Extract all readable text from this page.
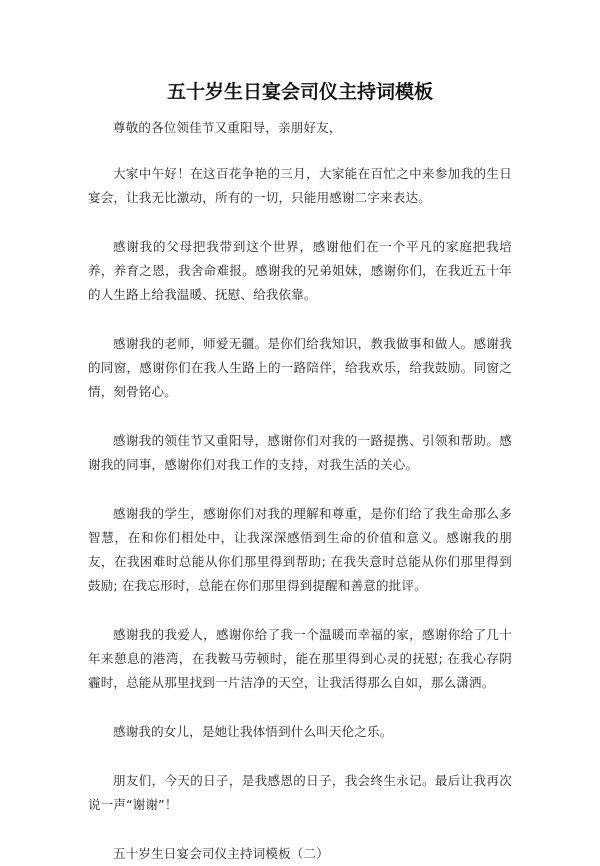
五十岁生日宴会司仪主持词模板

尊敬的各位领佳节又重阳导，亲朋好友，

大家中午好！在这百花争艳的三月，大家能在百忙之中来参加我的生日宴会，让我无比激动，所有的一切，只能用感谢二字来表达。

感谢我的父母把我带到这个世界，感谢他们在一个平凡的家庭把我培养，养育之恩，我舍命难报。感谢我的兄弟姐妹，感谢你们，在我近五十年的人生路上给我温暖、抚慰、给我依靠。

感谢我的老师，师爱无疆。是你们给我知识，教我做事和做人。感谢我的同窗，感谢你们在我人生路上的一路陪伴，给我欢乐，给我鼓励。同窗之情，刻骨铭心。

感谢我的领佳节又重阳导，感谢你们对我的一路提携、引领和帮助。感谢我的同事，感谢你们对我工作的支持，对我生活的关心。

感谢我的学生，感谢你们对我的理解和尊重，是你们给了我生命那么多智慧，在和你们相处中，让我深深感悟到生命的价值和意义。感谢我的朋友，在我困难时总能从你们那里得到帮助; 在我失意时总能从你们那里得到鼓励; 在我忘形时，总能在你们那里得到提醒和善意的批评。

感谢我的我爱人，感谢你给了我一个温暖而幸福的家，感谢你给了几十年来憩息的港湾，在我鞍马劳顿时，能在那里得到心灵的抚慰; 在我心存阴霾时，总能从那里找到一片洁净的天空，让我活得那么自如，那么潇洒。

感谢我的女儿，是她让我体悟到什么叫天伦之乐。

朋友们，今天的日子，是我感恩的日子，我会终生永记。最后让我再次说一声“谢谢”！

五十岁生日宴会司仪主持词模板（二）
